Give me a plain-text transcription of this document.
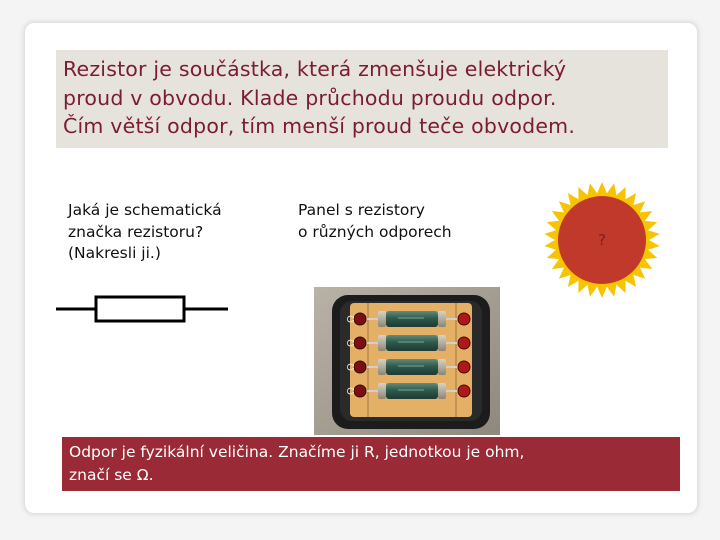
Rezistor je součástka, která zmenšuje elektrický
proud v obvodu. Klade průchodu proudu odpor.
Čím větší odpor, tím menší proud teče obvodem.

Jaká je schematická
značka rezistoru?
(Nakresli ji.)

Panel s rezistory
o různých odporech	?
Ω
Ω
Ω
Ω

Odpor je fyzikální veličina. Značíme ji R, jednotkou je ohm,
značí se Ω.
